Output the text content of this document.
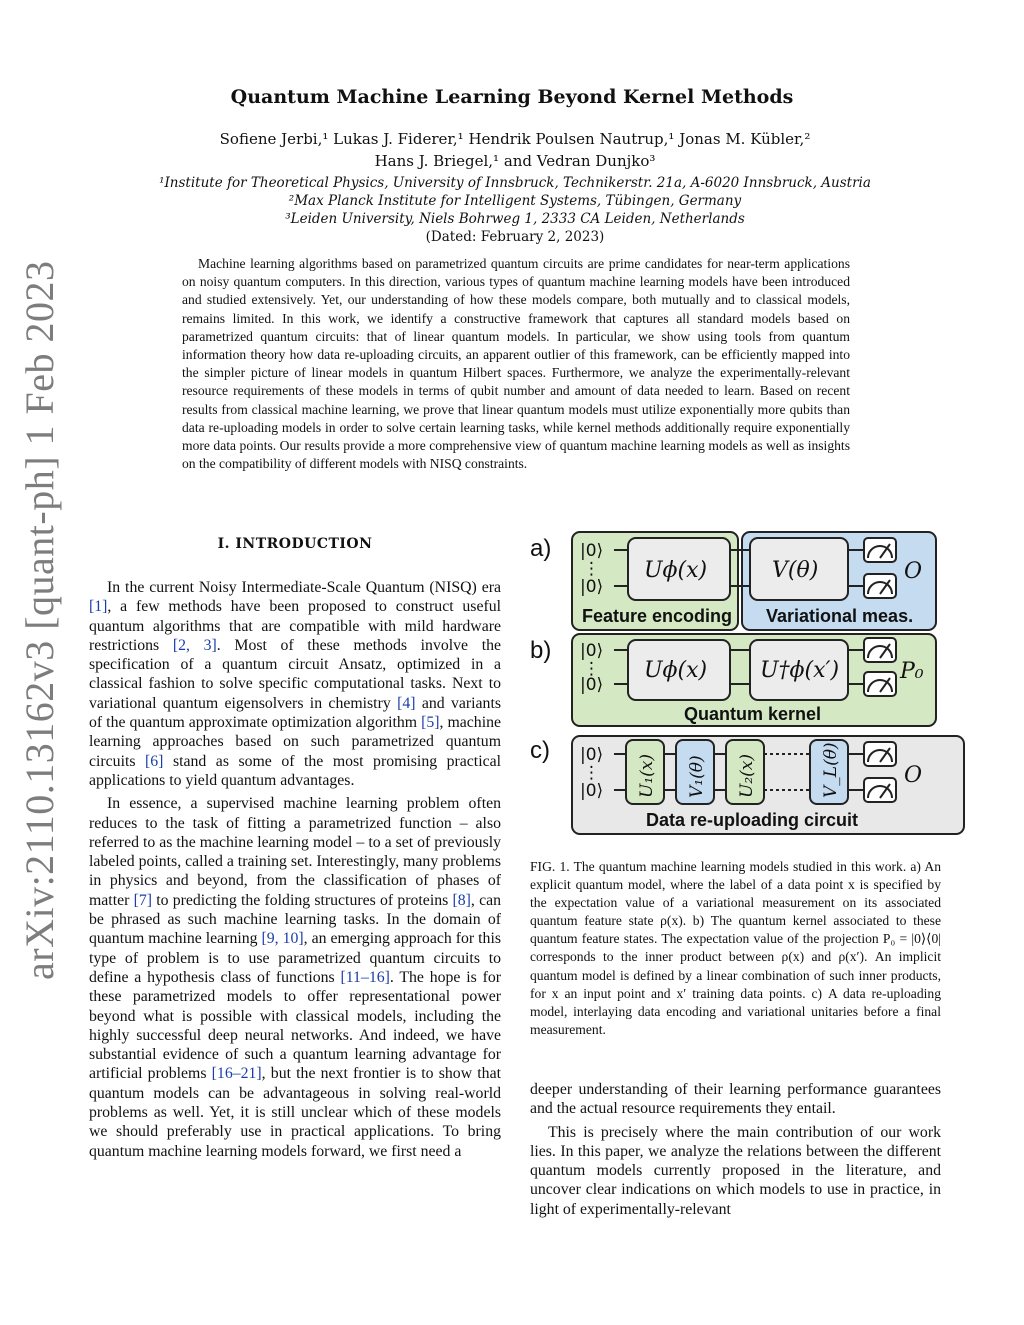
arXiv:2110.13162v3 [quant-ph] 1 Feb 2023
Quantum Machine Learning Beyond Kernel Methods
Sofiene Jerbi,¹ Lukas J. Fiderer,¹ Hendrik Poulsen Nautrup,¹ Jonas M. Kübler,²
Hans J. Briegel,¹ and Vedran Dunjko³
¹Institute for Theoretical Physics, University of Innsbruck, Technikerstr. 21a, A-6020 Innsbruck, Austria
²Max Planck Institute for Intelligent Systems, Tübingen, Germany
³Leiden University, Niels Bohrweg 1, 2333 CA Leiden, Netherlands
(Dated: February 2, 2023)
Machine learning algorithms based on parametrized quantum circuits are prime candidates for near-term applications on noisy quantum computers. In this direction, various types of quantum machine learning models have been introduced and studied extensively. Yet, our understanding of how these models compare, both mutually and to classical models, remains limited. In this work, we identify a constructive framework that captures all standard models based on parametrized quantum circuits: that of linear quantum models. In particular, we show using tools from quantum information theory how data re-uploading circuits, an apparent outlier of this framework, can be efficiently mapped into the simpler picture of linear models in quantum Hilbert spaces. Furthermore, we analyze the experimentally-relevant resource requirements of these models in terms of qubit number and amount of data needed to learn. Based on recent results from classical machine learning, we prove that linear quantum models must utilize exponentially more qubits than data re-uploading models in order to solve certain learning tasks, while kernel methods additionally require exponentially more data points. Our results provide a more comprehensive view of quantum machine learning models as well as insights on the compatibility of different models with NISQ constraints.
I. INTRODUCTION

In the current Noisy Intermediate-Scale Quantum (NISQ) era [1], a few methods have been proposed to construct useful quantum algorithms that are compatible with mild hardware restrictions [2, 3]. Most of these methods involve the specification of a quantum circuit Ansatz, optimized in a classical fashion to solve specific computational tasks. Next to variational quantum eigensolvers in chemistry [4] and variants of the quantum approximate optimization algorithm [5], machine learning approaches based on such parametrized quantum circuits [6] stand as some of the most promising practical applications to yield quantum advantages.

In essence, a supervised machine learning problem often reduces to the task of fitting a parametrized function – also referred to as the machine learning model – to a set of previously labeled points, called a training set. Interestingly, many problems in physics and beyond, from the classification of phases of matter [7] to predicting the folding structures of proteins [8], can be phrased as such machine learning tasks. In the domain of quantum machine learning [9, 10], an emerging approach for this type of problem is to use parametrized quantum circuits to define a hypothesis class of functions [11–16]. The hope is for these parametrized models to offer representational power beyond what is possible with classical models, including the highly successful deep neural networks. And indeed, we have substantial evidence of such a quantum learning advantage for artificial problems [16–21], but the next frontier is to show that quantum models can be advantageous in solving real-world problems as well. Yet, it is still unclear which of these models we should preferably use in practical applications. To bring quantum machine learning models forward, we first need a

a) |0⟩
|0⟩
⋮ Uϕ(x)	V(θ)	O
Feature encoding Variational meas.
b) |0⟩
|0⟩
⋮ Uϕ(x) U†ϕ(x′)	P₀
Quantum kernel
c) |0⟩
|0⟩
⋮ U₁(x) V₁(θ) U₂(x)	V_L(θ)	O
Data re-uploading circuit
FIG. 1. The quantum machine learning models studied in this work. a) An explicit quantum model, where the label of a data point x is specified by the expectation value of a variational measurement on its associated quantum feature state ρ(x). b) The quantum kernel associated to these quantum feature states. The expectation value of the projection P₀ = |0⟩⟨0| corresponds to the inner product between ρ(x) and ρ(x′). An implicit quantum model is defined by a linear combination of such inner products, for x an input point and x′ training data points. c) A data re-uploading model, interlaying data encoding and variational unitaries before a final measurement.

deeper understanding of their learning performance guarantees and the actual resource requirements they entail.

This is precisely where the main contribution of our work lies. In this paper, we analyze the relations between the different quantum models currently proposed in the literature, and uncover clear indications on which models to use in practice, in light of experimentally-relevant
